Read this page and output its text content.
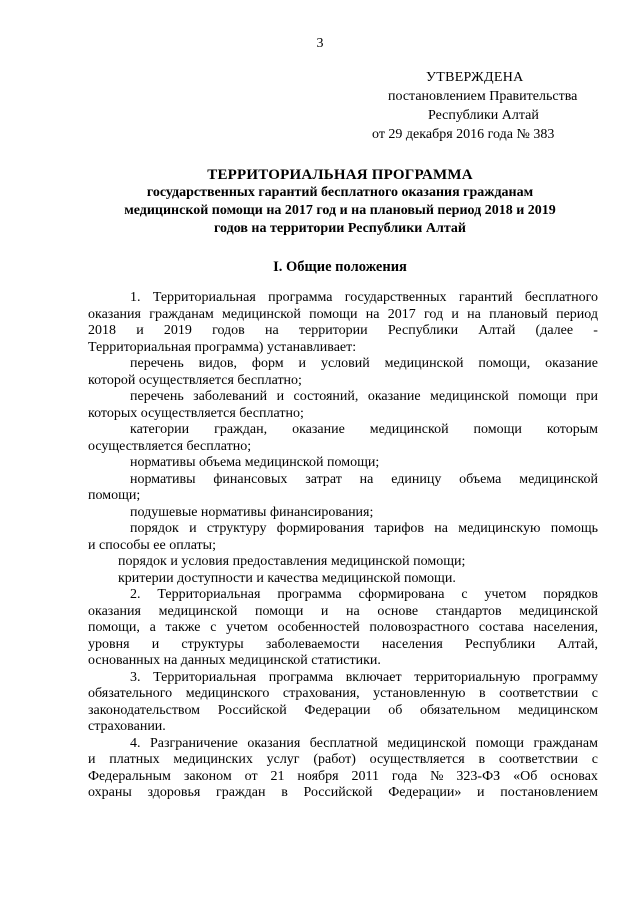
3
УТВЕРЖДЕНА
постановлением Правительства
Республики Алтай
от 29 декабря 2016 года № 383
ТЕРРИТОРИАЛЬНАЯ ПРОГРАММА
государственных гарантий бесплатного оказания гражданам
медицинской помощи на 2017 год и на плановый период 2018 и 2019
годов на территории Республики Алтай
I. Общие положения
1. Территориальная программа государственных гарантий бесплатного
оказания гражданам медицинской помощи на 2017 год и на плановый период
2018 и 2019 годов на территории Республики Алтай (далее -
Территориальная программа) устанавливает:
перечень видов, форм и условий медицинской помощи, оказание
которой осуществляется бесплатно;
перечень заболеваний и состояний, оказание медицинской помощи при
которых осуществляется бесплатно;
категории граждан, оказание медицинской помощи которым
осуществляется бесплатно;
нормативы объема медицинской помощи;
нормативы финансовых затрат на единицу объема медицинской
помощи;
подушевые нормативы финансирования;
порядок и структуру формирования тарифов на медицинскую помощь
и способы ее оплаты;
порядок и условия предоставления медицинской помощи;
критерии доступности и качества медицинской помощи.
2. Территориальная программа сформирована с учетом порядков
оказания медицинской помощи и на основе стандартов медицинской
помощи, а также с учетом особенностей половозрастного состава населения,
уровня и структуры заболеваемости населения Республики Алтай,
основанных на данных медицинской статистики.
3. Территориальная программа включает территориальную программу
обязательного медицинского страхования, установленную в соответствии с
законодательством Российской Федерации об обязательном медицинском
страховании.
4. Разграничение оказания бесплатной медицинской помощи гражданам
и платных медицинских услуг (работ) осуществляется в соответствии с
Федеральным законом от 21 ноября 2011 года № 323-ФЗ «Об основах
охраны здоровья граждан в Российской Федерации» и постановлением
